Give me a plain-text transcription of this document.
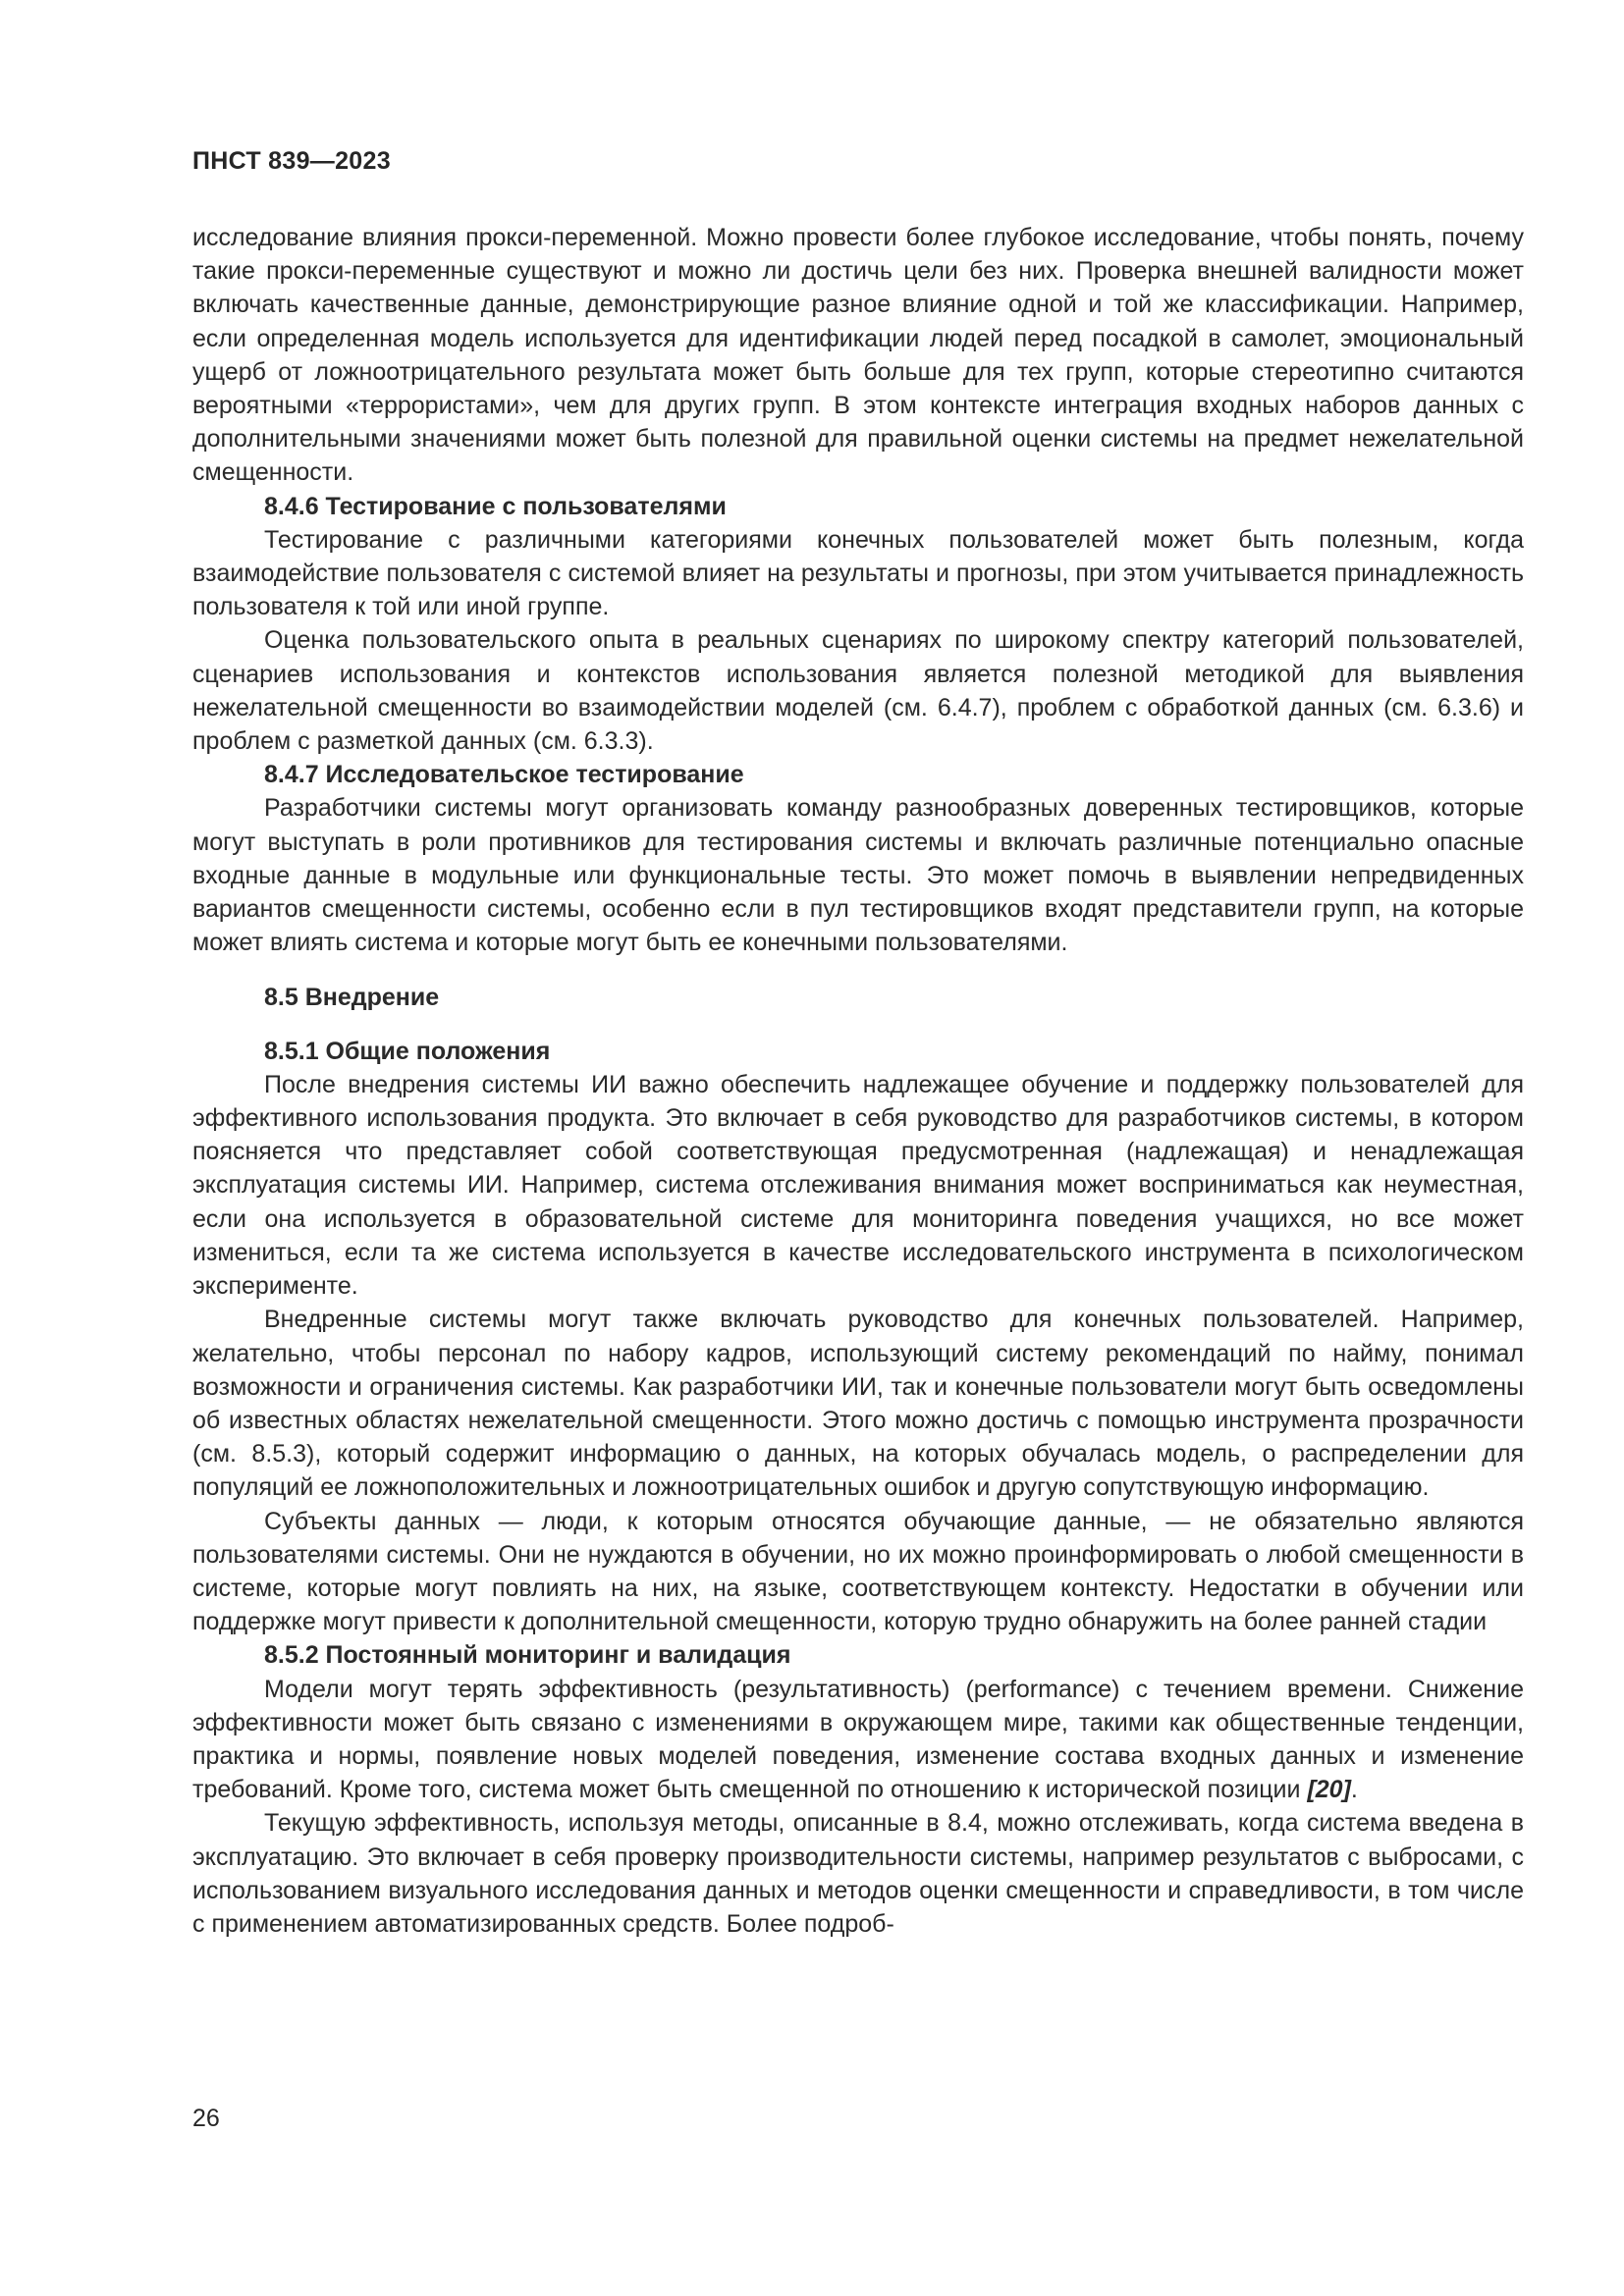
ПНСТ 839—2023

исследование влияния прокси-переменной. Можно провести более глубокое исследование, чтобы понять, почему такие прокси-переменные существуют и можно ли достичь цели без них. Проверка внешней валидности может включать качественные данные, демонстрирующие разное влияние одной и той же классификации. Например, если определенная модель используется для идентификации людей перед посадкой в самолет, эмоциональный ущерб от ложноотрицательного результата может быть больше для тех групп, которые стереотипно считаются вероятными «террористами», чем для других групп. В этом контексте интеграция входных наборов данных с дополнительными значениями может быть полезной для правильной оценки системы на предмет нежелательной смещенности.

8.4.6 Тестирование с пользователями

Тестирование с различными категориями конечных пользователей может быть полезным, когда взаимодействие пользователя с системой влияет на результаты и прогнозы, при этом учитывается принадлежность пользователя к той или иной группе.

Оценка пользовательского опыта в реальных сценариях по широкому спектру категорий пользователей, сценариев использования и контекстов использования является полезной методикой для выявления нежелательной смещенности во взаимодействии моделей (см. 6.4.7), проблем с обработкой данных (см. 6.3.6) и проблем с разметкой данных (см. 6.3.3).

8.4.7 Исследовательское тестирование

Разработчики системы могут организовать команду разнообразных доверенных тестировщиков, которые могут выступать в роли противников для тестирования системы и включать различные потенциально опасные входные данные в модульные или функциональные тесты. Это может помочь в выявлении непредвиденных вариантов смещенности системы, особенно если в пул тестировщиков входят представители групп, на которые может влиять система и которые могут быть ее конечными пользователями.

8.5 Внедрение
8.5.1 Общие положения

После внедрения системы ИИ важно обеспечить надлежащее обучение и поддержку пользователей для эффективного использования продукта. Это включает в себя руководство для разработчиков системы, в котором поясняется что представляет собой соответствующая предусмотренная (надлежащая) и ненадлежащая эксплуатация системы ИИ. Например, система отслеживания внимания может восприниматься как неуместная, если она используется в образовательной системе для мониторинга поведения учащихся, но все может измениться, если та же система используется в качестве исследовательского инструмента в психологическом эксперименте.

Внедренные системы могут также включать руководство для конечных пользователей. Например, желательно, чтобы персонал по набору кадров, использующий систему рекомендаций по найму, понимал возможности и ограничения системы. Как разработчики ИИ, так и конечные пользователи могут быть осведомлены об известных областях нежелательной смещенности. Этого можно достичь с помощью инструмента прозрачности (см. 8.5.3), который содержит информацию о данных, на которых обучалась модель, о распределении для популяций ее ложноположительных и ложноотрицательных ошибок и другую сопутствующую информацию.

Субъекты данных — люди, к которым относятся обучающие данные, — не обязательно являются пользователями системы. Они не нуждаются в обучении, но их можно проинформировать о любой смещенности в системе, которые могут повлиять на них, на языке, соответствующем контексту. Недостатки в обучении или поддержке могут привести к дополнительной смещенности, которую трудно обнаружить на более ранней стадии

8.5.2 Постоянный мониторинг и валидация

Модели могут терять эффективность (результативность) (performance) с течением времени. Снижение эффективности может быть связано с изменениями в окружающем мире, такими как общественные тенденции, практика и нормы, появление новых моделей поведения, изменение состава входных данных и изменение требований. Кроме того, система может быть смещенной по отношению к исторической позиции [20].

Текущую эффективность, используя методы, описанные в 8.4, можно отслеживать, когда система введена в эксплуатацию. Это включает в себя проверку производительности системы, например результатов с выбросами, с использованием визуального исследования данных и методов оценки смещенности и справедливости, в том числе с применением автоматизированных средств. Более подроб-

26
